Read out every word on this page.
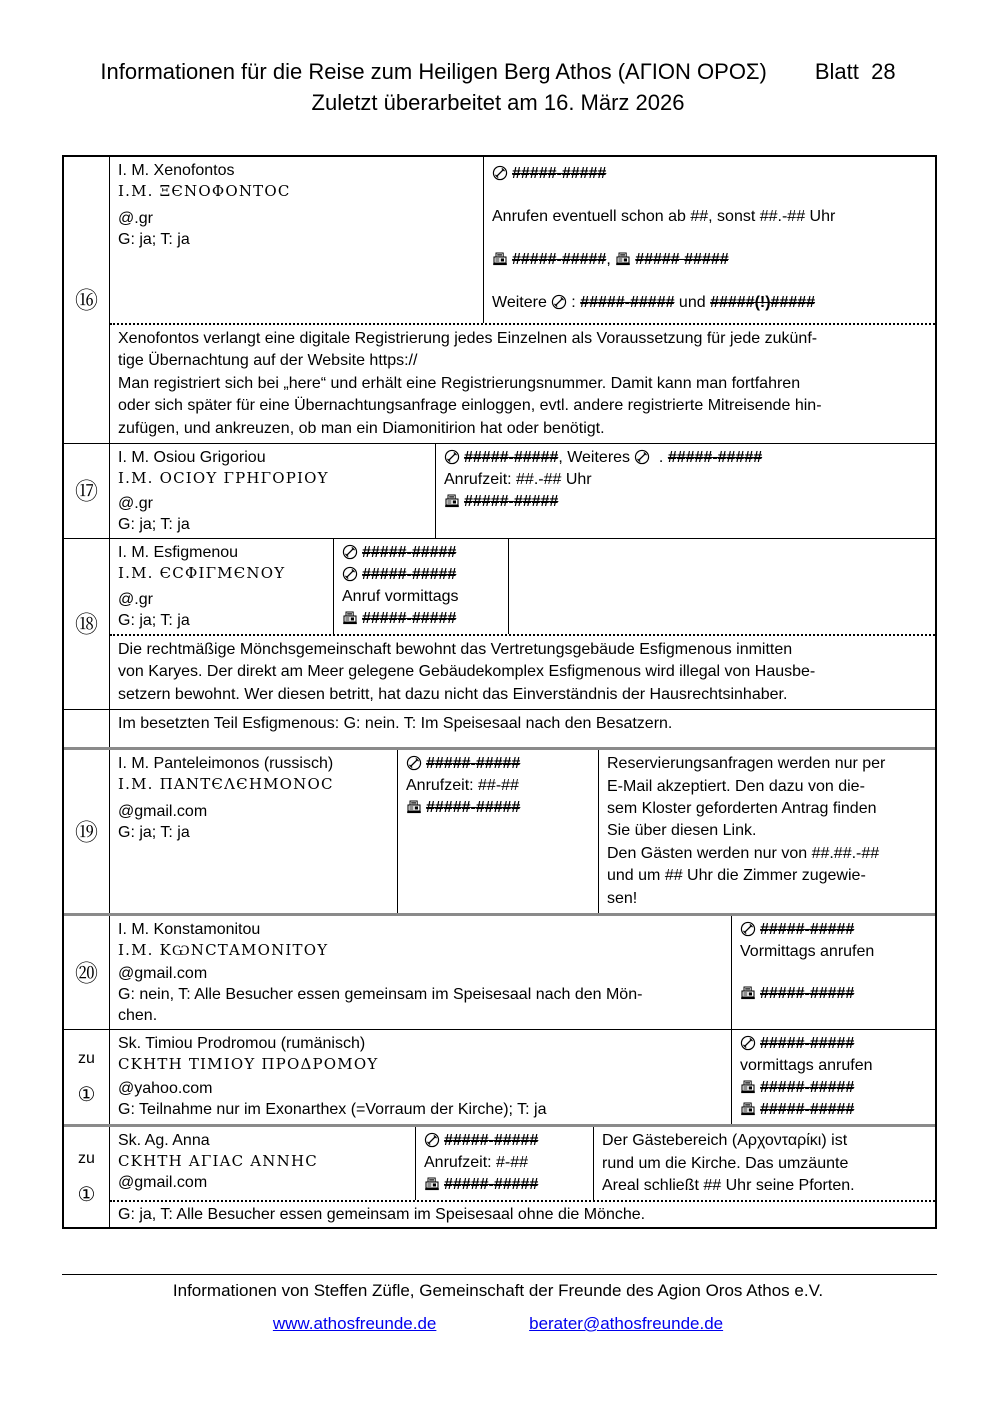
Informationen für die Reise zum Heiligen Berg Athos (ΑΓΙΟΝ ΟΡΟΣ) Blatt  28
Zuletzt überarbeitet am 16. März 2026
⑯
I. M. Xenofontos
Ι.Μ. ΞЄΝΟΦΟΝΤΟС
@.gr
G: ja; T: ja
#####-#####
Anrufen eventuell schon ab ##, sonst ##.-## Uhr
#####-#####, ##### #####
Weitere : #####-##### und #####(!)#####
Xenofontos verlangt eine digitale Registrierung jedes Einzelnen als Voraussetzung für jede zukünf-
tige Übernachtung auf der Website https://
Man registriert sich bei „here“ und erhält eine Registrierungsnummer. Damit kann man fortfahren
oder sich später für eine Übernachtungsanfrage einloggen, evtl. andere registrierte Mitreisende hin-
zufügen, und ankreuzen, ob man ein Diamonitirion hat oder benötigt.
⑰
I. M. Osiou Grigoriou
Ι.Μ. ОСΙΟΥ ΓΡΗΓΟΡΙΟΥ
@.gr
G: ja; T: ja
#####-#####, Weiteres  . #####-#####
Anrufzeit: ##.-## Uhr
#####-#####
⑱
I. M. Esfigmenou
Ι.Μ. ЄСΦΙΓΜЄΝΟΥ
@.gr
G: ja; T: ja
#####-#####
#####-#####
Anruf vormittags
#####-#####
Die rechtmäßige Mönchsgemeinschaft bewohnt das Vertretungsgebäude Esfigmenous inmitten
von Karyes. Der direkt am Meer gelegene Gebäudekomplex Esfigmenous wird illegal von Hausbe-
setzern bewohnt. Wer diesen betritt, hat dazu nicht das Einverständnis der Hausrechtsinhaber.
Im besetzten Teil Esfigmenous: G: nein. T: Im Speisesaal nach den Besatzern.
⑲
I. M. Panteleimonos (russisch)
Ι.Μ. ΠΑΝΤЄΛЄΗΜΟΝΟС
@gmail.com
G: ja; T: ja
#####-#####
Anrufzeit: ##-##
#####-#####
Reservierungsanfragen werden nur per
E-Mail akzeptiert. Den dazu von die-
sem Kloster geforderten Antrag finden
Sie über diesen Link.
Den Gästen werden nur von ##.##.-##
und um ## Uhr die Zimmer zugewie-
sen!
⑳
I. M. Konstamonitou
Ι.Μ. ΚѠΝСΤΑΜΟΝΙΤΟΥ
@gmail.com
G: nein, T: Alle Besucher essen gemeinsam im Speisesaal nach den Mön-
chen.
#####-#####
Vormittags anrufen
#####-#####
zu
①
Sk. Timiou Prodromou (rumänisch)
СΚΗΤΗ ΤΙΜΙΟΥ ΠΡΟΔΡΟΜΟΥ
@yahoo.com
G: Teilnahme nur im Exonarthex (=Vorraum der Kirche); T: ja
#####-#####
vormittags anrufen
#####-#####
#####-#####
zu
①
Sk. Ag. Anna
СΚΗΤΗ ΑΓΙΑС ΑΝΝΗС
@gmail.com
#####-#####
Anrufzeit: #-##
#####-#####
Der Gästebereich (Αρχονταρίκι) ist
rund um die Kirche. Das umzäunte
Areal schließt ## Uhr seine Pforten.
G: ja, T: Alle Besucher essen gemeinsam im Speisesaal ohne die Mönche.
Informationen von Steffen Züfle, Gemeinschaft der Freunde des Agion Oros Athos e.V.
www.athosfreunde.de	berater@athosfreunde.de
